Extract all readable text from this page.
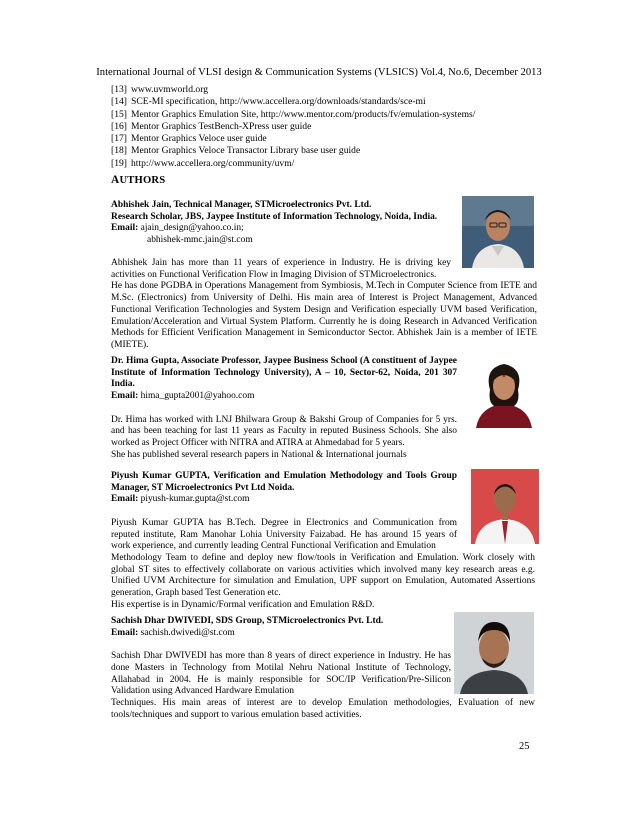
International Journal of VLSI design & Communication Systems (VLSICS) Vol.4, No.6, December 2013
[13] www.uvmworld.org
[14] SCE-MI specification, http://www.accellera.org/downloads/standards/sce-mi
[15] Mentor Graphics Emulation Site, http://www.mentor.com/products/fv/emulation-systems/
[16] Mentor Graphics TestBench-XPress user guide
[17] Mentor Graphics Veloce user guide
[18] Mentor Graphics Veloce Transactor Library base user guide
[19] http://www.accellera.org/community/uvm/
AUTHORS

Abhishek Jain, Technical Manager, STMicroelectronics Pvt. Ltd.

Research Scholar, JBS, Jaypee Institute of Information Technology, Noida, India.

Email: ajain_design@yahoo.co.in;

abhishek-mmc.jain@st.com

Abhishek Jain has more than 11 years of experience in Industry. He is driving key

activities on Functional Verification Flow in Imaging Division of STMicroelectronics.

He has done PGDBA in Operations Management from Symbiosis, M.Tech in Computer Science from IETE and M.Sc. (Electronics) from University of Delhi. His main area of Interest is Project Management, Advanced Functional Verification Technologies and System Design and Verification especially UVM based Verification, Emulation/Acceleration and Virtual System Platform. Currently he is doing Research in Advanced Verification Methods for Efficient Verification Management in Semiconductor Sector. Abhishek Jain is a member of IETE (MIETE).

Dr. Hima Gupta, Associate Professor, Jaypee Business School (A constituent of Jaypee Institute of Information Technology University), A – 10, Sector-62, Noida, 201 307 India.

Email: hima_gupta2001@yahoo.com

Dr. Hima has worked with LNJ Bhilwara Group & Bakshi Group of Companies for 5 yrs. and has been teaching for last 11 years as Faculty in reputed Business Schools. She also worked as Project Officer with NITRA and ATIRA at Ahmedabad for 5 years.

She has published several research papers in National & International journals

Piyush Kumar GUPTA, Verification and Emulation Methodology and Tools Group Manager, ST Microelectronics Pvt Ltd Noida.

Email: piyush-kumar.gupta@st.com

Piyush Kumar GUPTA has B.Tech. Degree in Electronics and Communication from reputed institute, Ram Manohar Lohia University Faizabad. He has around 15 years of work experience, and currently leading Central Functional Verification and Emulation

Methodology Team to define and deploy new flow/tools in Verification and Emulation. Work closely with global ST sites to effectively collaborate on various activities which involved many key research areas e.g. Unified UVM Architecture for simulation and Emulation, UPF support on Emulation, Automated Assertions generation, Graph based Test Generation etc.

His expertise is in Dynamic/Formal verification and Emulation R&D.

Sachish Dhar DWIVEDI, SDS Group, STMicroelectronics Pvt. Ltd.

Email: sachish.dwivedi@st.com

Sachish Dhar DWIVEDI has more than 8 years of direct experience in Industry. He has done Masters in Technology from Motilal Nehru National Institute of Technology, Allahabad in 2004. He is mainly responsible for SOC/IP Verification/Pre-Silicon Validation using Advanced Hardware Emulation

Techniques. His main areas of interest are to develop Emulation methodologies, Evaluation of new tools/techniques and support to various emulation based activities.

25
